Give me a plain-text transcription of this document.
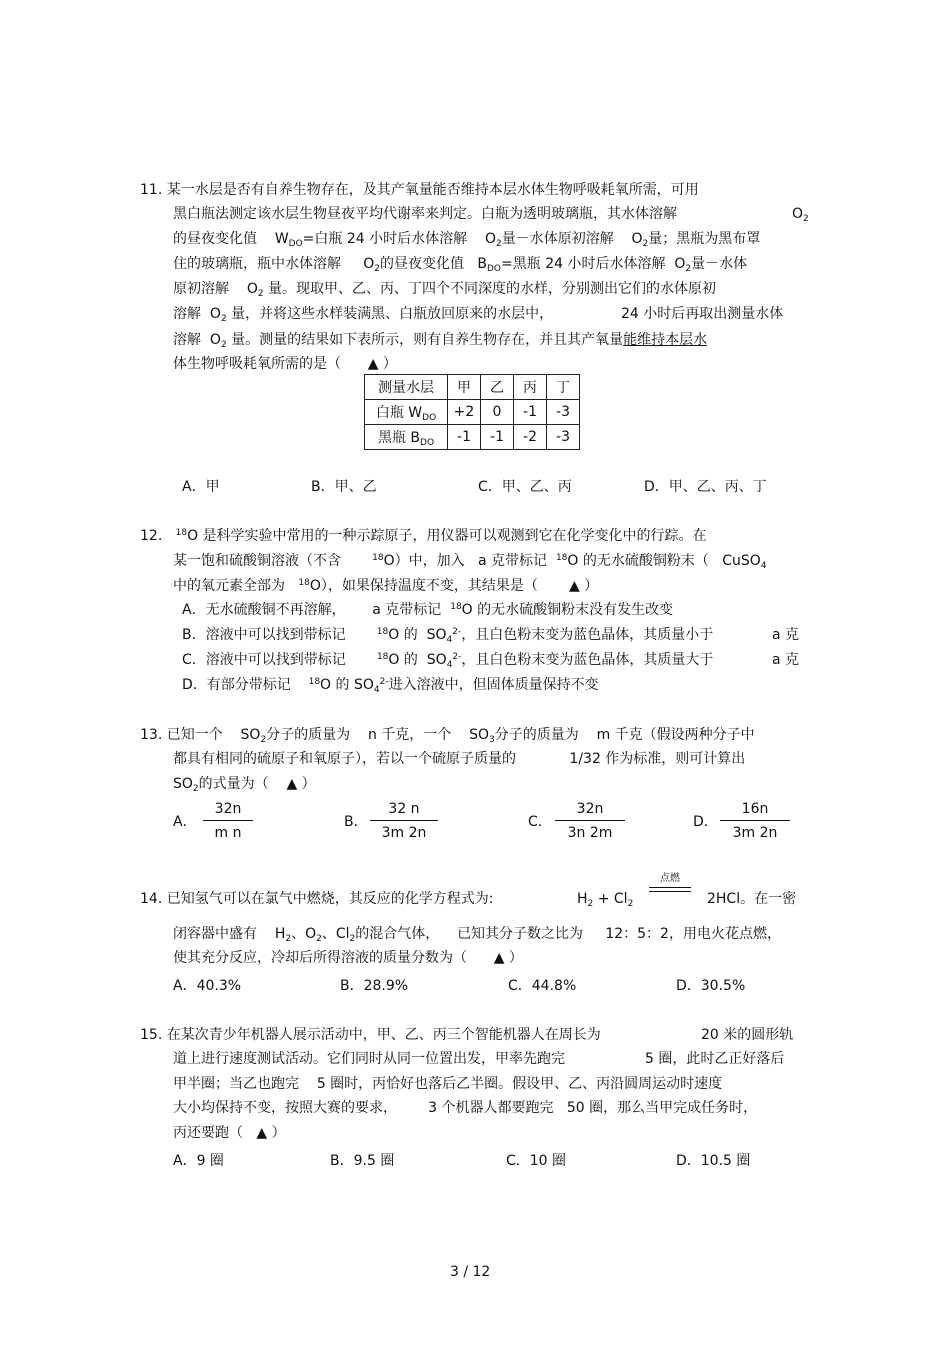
11. 某一水层是否有自养生物存在，及其产氧量能否维持本层水体生物呼吸耗氧所需，可用
黑白瓶法测定该水层生物昼夜平均代谢率来判定。白瓶为透明玻璃瓶，其水体溶解	$O_2$
的昼夜变化值 $W_{DO}=$白瓶 24 小时后水体溶解 $O_2$量－水体原初溶解 $O_2$量；黑瓶为黑布罩
住的玻璃瓶，瓶中水体溶解 $O_2$的昼夜变化值 $B_{DO}=$黑瓶 24 小时后水体溶解 $O_2$量－水体
原初溶解 $O_2$ 量。现取甲、乙、丙、丁四个不同深度的水样，分别测出它们的水体原初
溶解 $O_2$ 量，并将这些水样装满黑、白瓶放回原来的水层中，	24 小时后再取出测量水体
溶解 $O_2$ 量。测量的结果如下表所示，则有自养生物存在，并且其产氧量能维持本层水
体生物呼吸耗氧所需的是（ ▲ ）
测量水层	甲	乙	丙	丁
白瓶 $W_{DO}$	+2	0	-1	-3
黑瓶 $B_{DO}$	-1	-1	-2	-3
A．甲	B．甲、乙	C．甲、乙、丙	D．甲、乙、丙、丁
12. $^{18}$O 是科学实验中常用的一种示踪原子，用仪器可以观测到它在化学变化中的行踪。在
某一饱和硫酸铜溶液（不含	$^{18}$O）中，加入 a 克带标记 $^{18}$O 的无水硫酸铜粉末（ CuSO$_4$
中的氧元素全部为 $^{18}$O），如果保持温度不变，其结果是（ ▲ ）
A．无水硫酸铜不再溶解， a 克带标记 $^{18}$O 的无水硫酸铜粉末没有发生改变
B．溶液中可以找到带标记	$^{18}$O 的 $SO_4^{2-}$，且白色粉末变为蓝色晶体，其质量小于	a 克
C．溶液中可以找到带标记	$^{18}$O 的 $SO_4^{2-}$，且白色粉末变为蓝色晶体，其质量大于	a 克
D．有部分带标记 $^{18}$O 的 $SO_4^{2-}$进入溶液中，但固体质量保持不变
13. 已知一个 $SO_2$分子的质量为 n 千克，一个 $SO_3$分子的质量为 m 千克（假设两种分子中
都具有相同的硫原子和氧原子），若以一个硫原子质量的	1/32 作为标准，则可计算出
$SO_2$的式量为（ ▲ ）
A． $\frac{32n}{\text{m n}}$	B． $\frac{32 n}{3m 2n}$	C. $\frac{32n}{3n 2m}$	D． $\frac{16n}{3m 2n}$
14. 已知氢气可以在氯气中燃烧，其反应的化学方程式为:	$H_2 + Cl_2$
点燃
2HCl。在一密
闭容器中盛有 $H_2$、$O_2$、$Cl_2$的混合气体， 已知其分子数之比为 12：5：2，用电火花点燃，
使其充分反应，冷却后所得溶液的质量分数为（ ▲ ）
A．40.3%	B．28.9%	C．44.8%	D．30.5%
15. 在某次青少年机器人展示活动中，甲、乙、丙三个智能机器人在周长为	20 米的圆形轨
道上进行速度测试活动。它们同时从同一位置出发，甲率先跑完	5 圈，此时乙正好落后
甲半圈；当乙也跑完 5 圈时，丙恰好也落后乙半圈。假设甲、乙、丙沿圆周运动时速度
大小均保持不变，按照大赛的要求， 3 个机器人都要跑完 50 圈，那么当甲完成任务时，
丙还要跑（ ▲ ）
A．9 圈	B．9.5 圈	C．10 圈	D．10.5 圈
3 / 12
